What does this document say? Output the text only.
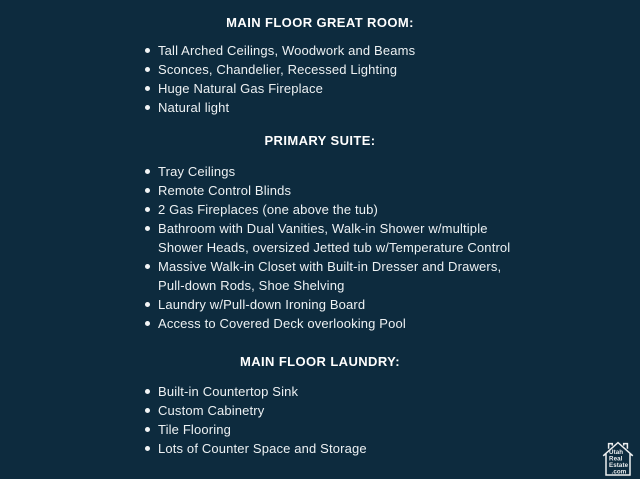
MAIN FLOOR GREAT ROOM:
Tall Arched Ceilings, Woodwork and Beams
Sconces, Chandelier, Recessed Lighting
Huge Natural Gas Fireplace
Natural light
PRIMARY SUITE:
Tray Ceilings
Remote Control Blinds
2 Gas Fireplaces (one above the tub)
Bathroom with Dual Vanities, Walk-in Shower w/multiple
Shower Heads, oversized Jetted tub w/Temperature Control
Massive Walk-in Closet with Built-in Dresser and Drawers,
Pull-down Rods, Shoe Shelving
Laundry w/Pull-down Ironing Board
Access to Covered Deck overlooking Pool
MAIN FLOOR LAUNDRY:
Built-in Countertop Sink
Custom Cabinetry
Tile Flooring
Lots of Counter Space and Storage	Utah
Real
Estate
.com
